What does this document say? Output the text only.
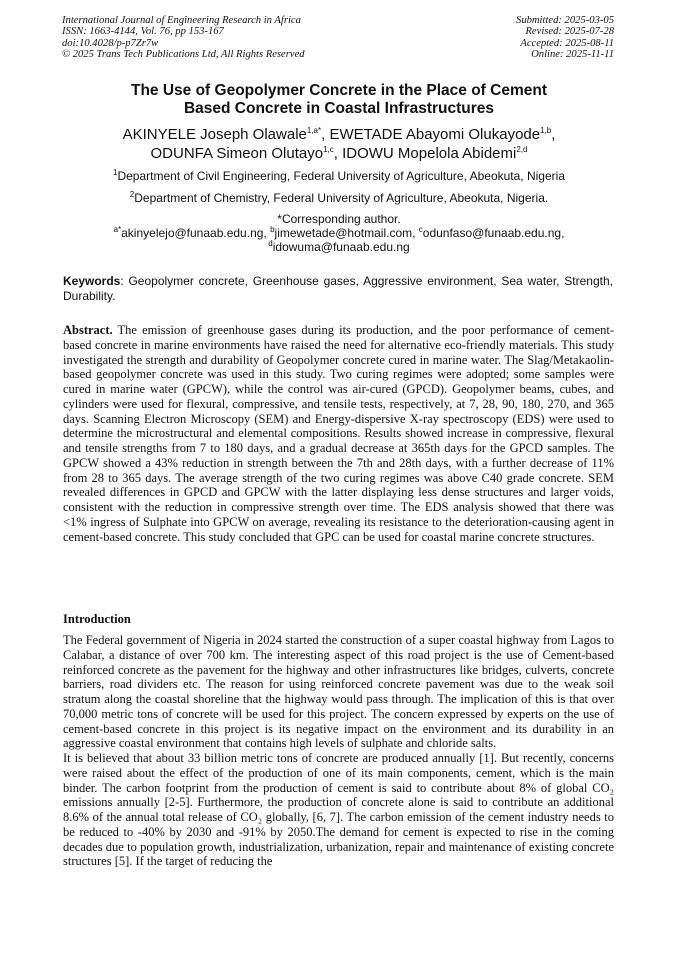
International Journal of Engineering Research in Africa
ISSN: 1663-4144, Vol. 76, pp 153-167
doi:10.4028/p-p7Zr7w
© 2025 Trans Tech Publications Ltd, All Rights Reserved
Submitted: 2025-03-05
Revised: 2025-07-28
Accepted: 2025-08-11
Online: 2025-11-11
The Use of Geopolymer Concrete in the Place of Cement Based Concrete in Coastal Infrastructures
AKINYELE Joseph Olawale$^{1,a*}$, EWETADE Abayomi Olukayode$^{1,b}$,
ODUNFA Simeon Olutayo$^{1,c}$, IDOWU Mopelola Abidemi$^{2,d}$
$^1$Department of Civil Engineering, Federal University of Agriculture, Abeokuta, Nigeria
$^2$Department of Chemistry, Federal University of Agriculture, Abeokuta, Nigeria.
*Corresponding author.
$^{a*}$akinyelejo@funaab.edu.ng, $^b$jimewetade@hotmail.com, $^c$odunfaso@funaab.edu.ng,
$^d$idowuma@funaab.edu.ng
Keywords: Geopolymer concrete, Greenhouse gases, Aggressive environment, Sea water, Strength, Durability.

Abstract. The emission of greenhouse gases during its production, and the poor performance of cement-based concrete in marine environments have raised the need for alternative eco-friendly materials. This study investigated the strength and durability of Geopolymer concrete cured in marine water. The Slag/Metakaolin-based geopolymer concrete was used in this study. Two curing regimes were adopted; some samples were cured in marine water (GPCW), while the control was air-cured (GPCD). Geopolymer beams, cubes, and cylinders were used for flexural, compressive, and tensile tests, respectively, at 7, 28, 90, 180, 270, and 365 days. Scanning Electron Microscopy (SEM) and Energy-dispersive X-ray spectroscopy (EDS) were used to determine the microstructural and elemental compositions. Results showed increase in compressive, flexural and tensile strengths from 7 to 180 days, and a gradual decrease at 365th days for the GPCD samples. The GPCW showed a 43% reduction in strength between the 7th and 28th days, with a further decrease of 11% from 28 to 365 days. The average strength of the two curing regimes was above C40 grade concrete. SEM revealed differences in GPCD and GPCW with the latter displaying less dense structures and larger voids, consistent with the reduction in compressive strength over time. The EDS analysis showed that there was <1% ingress of Sulphate into GPCW on average, revealing its resistance to the deterioration-causing agent in cement-based concrete. This study concluded that GPC can be used for coastal marine concrete structures.

Introduction

The Federal government of Nigeria in 2024 started the construction of a super coastal highway from Lagos to Calabar, a distance of over 700 km. The interesting aspect of this road project is the use of Cement-based reinforced concrete as the pavement for the highway and other infrastructures like bridges, culverts, concrete barriers, road dividers etc. The reason for using reinforced concrete pavement was due to the weak soil stratum along the coastal shoreline that the highway would pass through. The implication of this is that over 70,000 metric tons of concrete will be used for this project. The concern expressed by experts on the use of cement-based concrete in this project is its negative impact on the environment and its durability in an aggressive coastal environment that contains high levels of sulphate and chloride salts.

It is believed that about 33 billion metric tons of concrete are produced annually [1]. But recently, concerns were raised about the effect of the production of one of its main components, cement, which is the main binder. The carbon footprint from the production of cement is said to contribute about 8% of global CO₂ emissions annually [2-5]. Furthermore, the production of concrete alone is said to contribute an additional 8.6% of the annual total release of CO₂ globally, [6, 7]. The carbon emission of the cement industry needs to be reduced to -40% by 2030 and -91% by 2050.The demand for cement is expected to rise in the coming decades due to population growth, industrialization, urbanization, repair and maintenance of existing concrete structures [5]. If the target of reducing the
